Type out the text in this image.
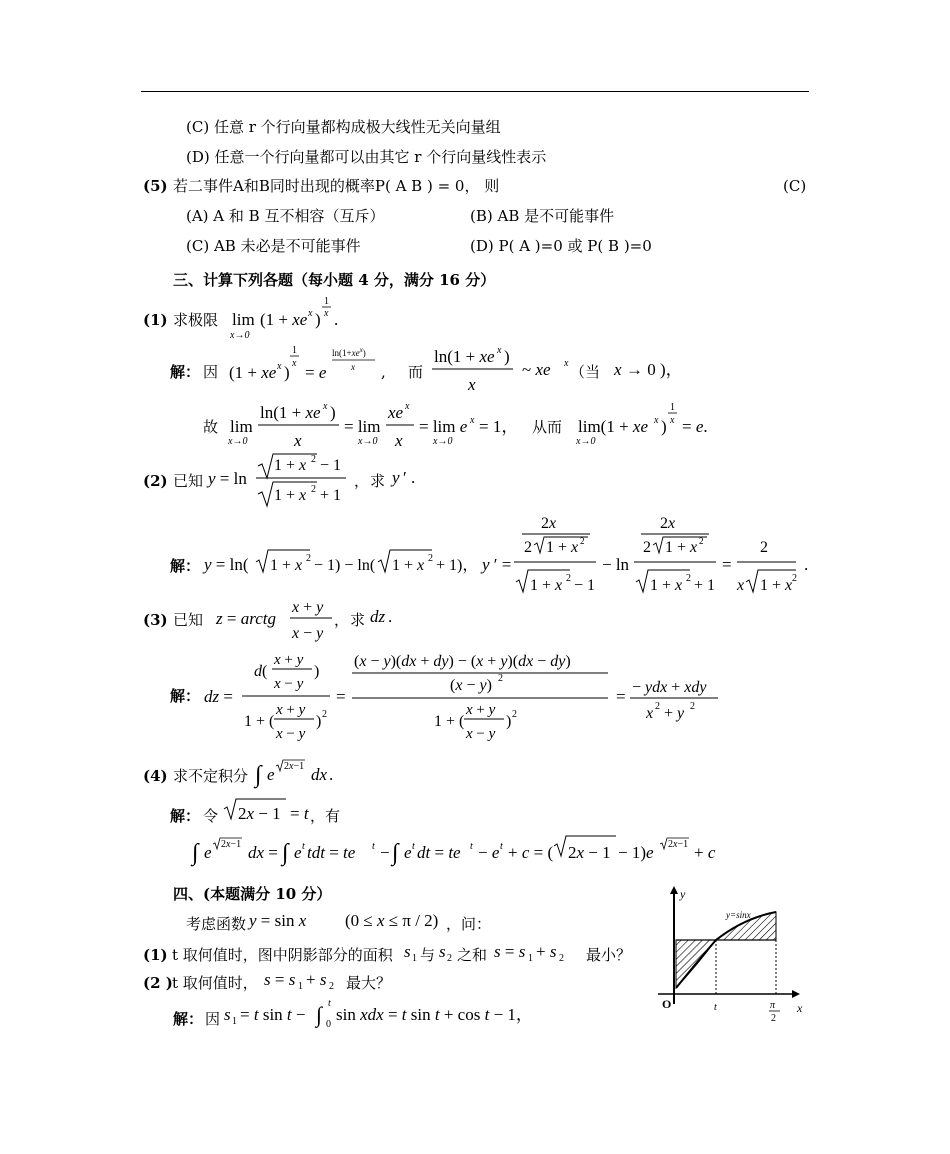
(C) 任意 r 个行向量都构成极大线性无关向量组
(D) 任意一个行向量都可以由其它 r 个行向量线性表示
(5) 若二事件A和B同时出现的概率P( A B ) = 0， 则	(C)
(A) A 和 B 互不相容（互斥）	(B) AB 是不可能事件
(C) AB 未必是不可能事件	(D) P( A )=0 或 P( B )=0
三、计算下列各题（每小题 4 分，满分 16 分）
(1) 求极限 lim
x→0
(1 + xe x )
1
x .
解： 因 (1 + xe x )
1
x = e
$\ln(1+xe^x)$
x , 而
ln(1 + xe x )
x
~ xe x （当 x → 0 )，
故 lim
x→0
ln(1 + xe x )
x
= lim
x→0
xe x
x
= lim e
x→0
x = 1， 从而 lim(1 + xe
x→0
x )
1
x = e.
(2) 已知 y = ln
1 + x 2 − 1
1 + x 2 + 1
， 求 y ′ .
解： y = ln( 1 + x 2 − 1) − ln( 1 + x 2 + 1)， y ′ =
2x
2 1 + x 2
1 + x 2 − 1
− ln
2x
2 1 + x 2
1 + x 2 + 1
=
2
x 1 + x 2
.
(3) 已知 z = arctg
x + y
x − y
， 求 dz .
解： dz =
d(
x + y
x − y
)
1 + (
x + y
x − y
) 2
=
(x − y)(dx + dy) − (x + y)(dx − dy)
(x − y) 2
1 + (
x + y
x − y
) 2
= − ydx + xdy
x 2 + y 2
(4) 求不定积分 ∫ e 2x−1 dx .
解： 令 2x − 1 = t ，有
∫ e 2x−1 dx = ∫ e t tdt = te t − ∫ e t dt = te t − e t + c = ( 2x − 1 − 1)e 2x−1 + c
四、(本题满分 10 分）
考虑函数 y = sin x (0 ≤ x ≤ π / 2) ，问：
(1) t 取何值时，图中阴影部分的面积 s 1 与 s 2 之和 s = s 1 + s 2 最小？
(2 ) t 取何值时， s = s 1 + s 2 最大？
解： 因 s 1 = t sin t − ∫ t
0
sin xdx = t sin t + cos t − 1，
y
x
O	t
y=sinx
π
2
